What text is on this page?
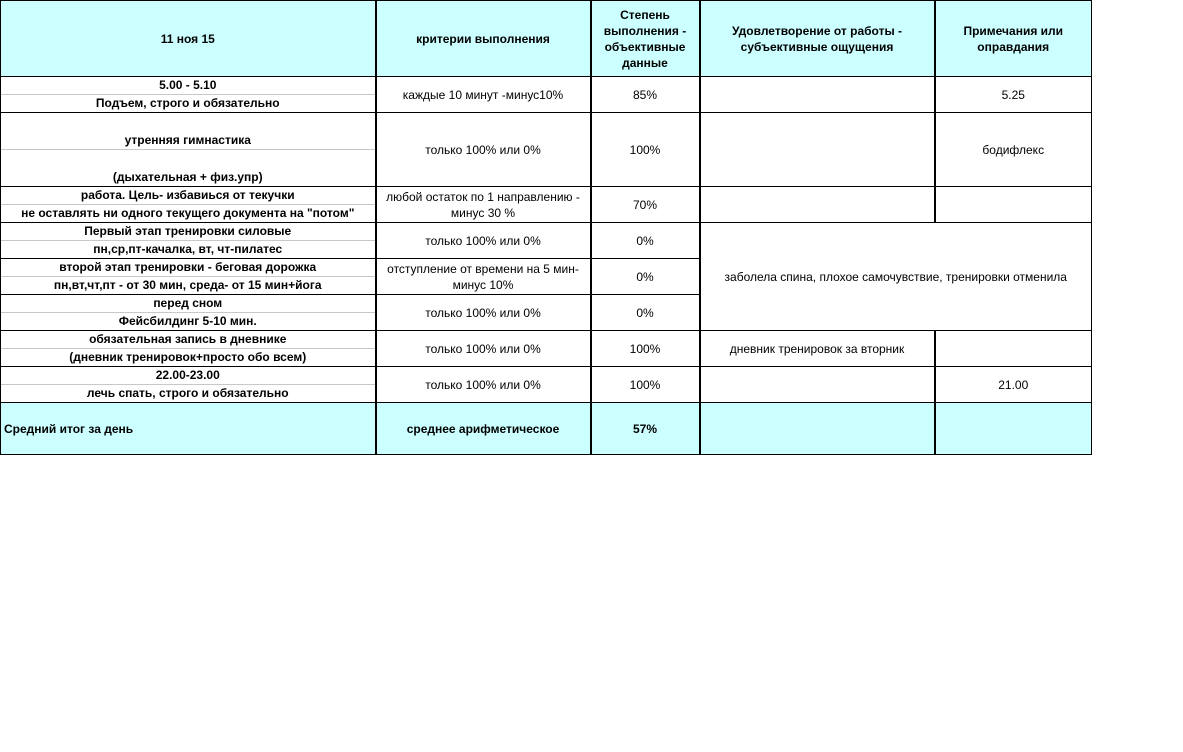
11 ноя 15	критерии выполнения	Степень выполнения - объективные данные	Удовлетворение от работы - субъективные ощущения	Примечания или оправдания

5.00 - 5.10
Подъем, строго и обязательно	каждые 10 минут -минус10%	85%		5.25

утренняя гимнастика
(дыхательная + физ.упр)	только 100% или 0%	100%		бодифлекс

работа. Цель- избавиься от текучки
не оставлять ни одного текущего документа на "потом"	любой остаток по 1 направлению - минус 30 %	70%		

Первый этап тренировки силовые
пн,ср,пт-качалка, вт, чт-пилатес	только 100% или 0%	0%	заболела спина, плохое самочувствие, тренировки отменила	

второй этап тренировки - беговая дорожка
пн,вт,чт,пт - от 30 мин, среда- от 15 мин+йога	отступление от времени на 5 мин- минус 10%	0%		

перед сном
Фейсбилдинг 5-10 мин.	только 100% или 0%	0%		

обязательная запись в дневнике
(дневник тренировок+просто обо всем)	только 100% или 0%	100%	дневник тренировок за вторник	

22.00-23.00
лечь спать, строго и обязательно	только 100% или 0%	100%		21.00
Средний итог за день	среднее арифметическое	57%		
